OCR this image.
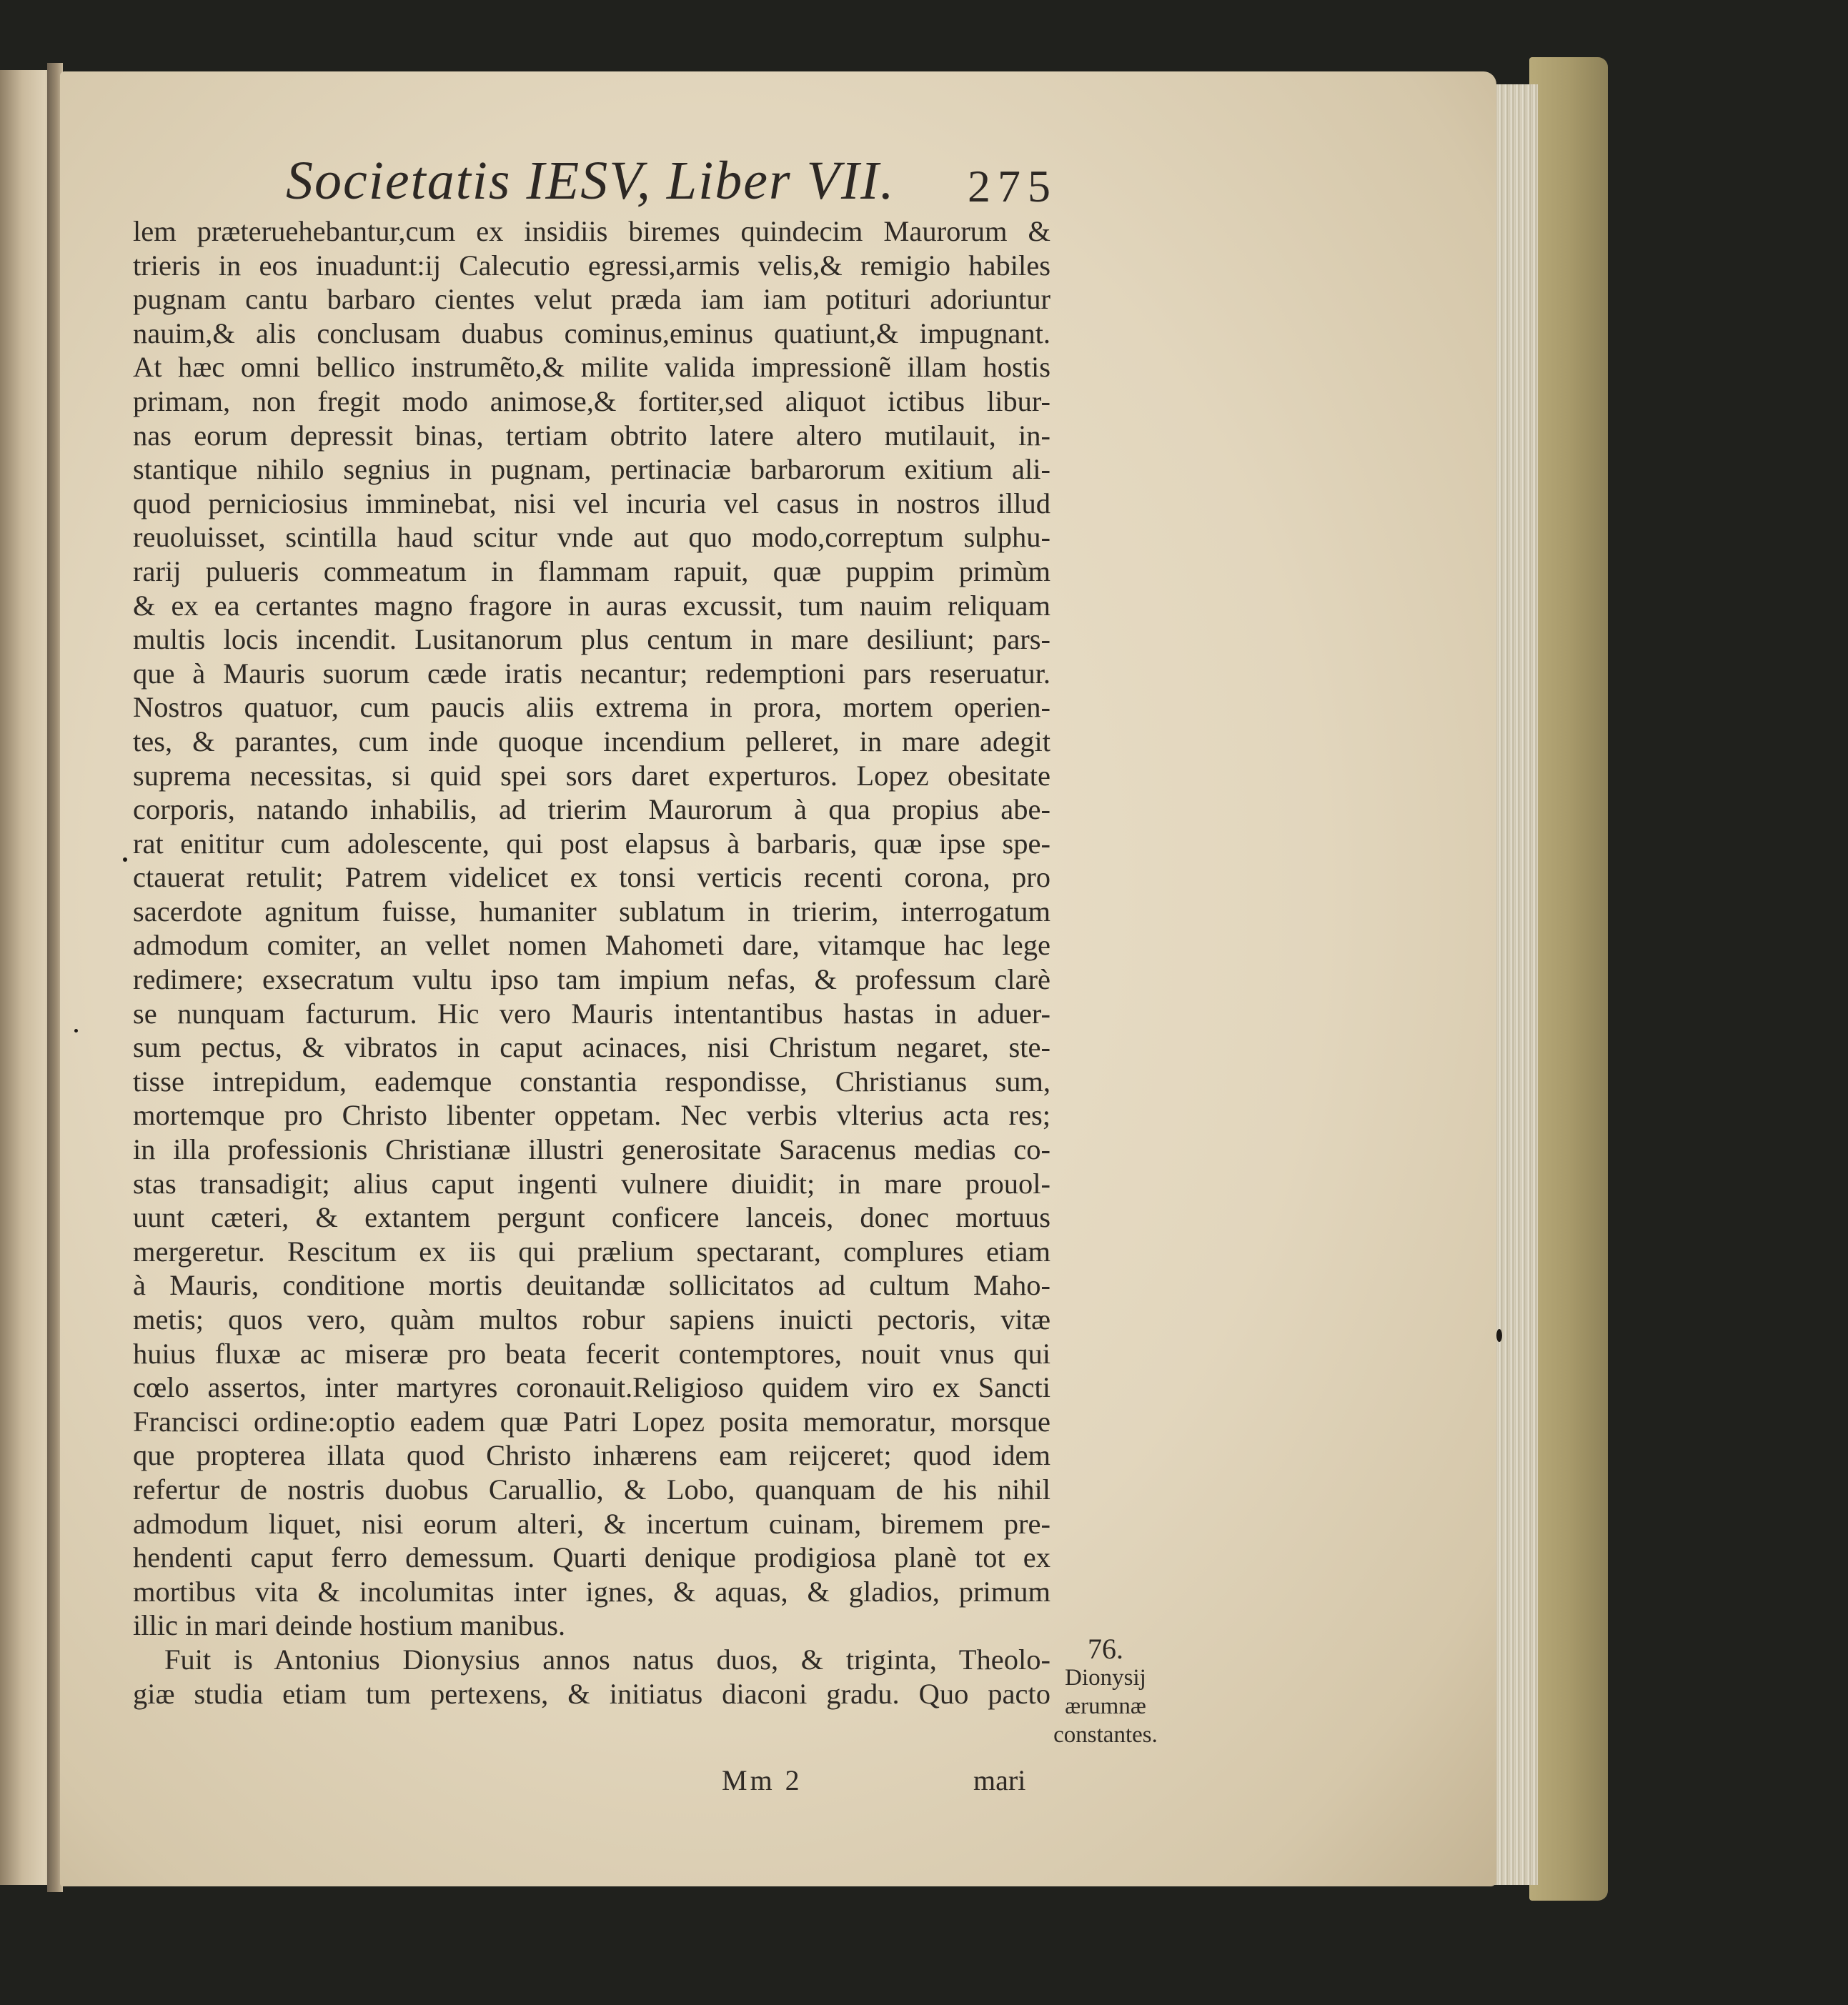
Societatis IESV, Liber VII. 275
lem præteruehebantur,cum ex insidiis biremes quindecim Maurorum &
trieris in eos inuadunt:ij Calecutio egressi,armis velis,& remigio habiles
pugnam cantu barbaro cientes velut præda iam iam potituri adoriuntur
nauim,& alis conclusam duabus cominus,eminus quatiunt,& impugnant.
At hæc omni bellico instrumẽto,& milite valida impressionẽ illam hostis
primam, non fregit modo animose,& fortiter,sed aliquot ictibus libur-
nas eorum depressit binas, tertiam obtrito latere altero mutilauit, in-
stantique nihilo segnius in pugnam, pertinaciæ barbarorum exitium ali-
quod perniciosius imminebat, nisi vel incuria vel casus in nostros illud
reuoluisset, scintilla haud scitur vnde aut quo modo,correptum sulphu-
rarij pulueris commeatum in flammam rapuit, quæ puppim primùm
& ex ea certantes magno fragore in auras excussit, tum nauim reliquam
multis locis incendit. Lusitanorum plus centum in mare desiliunt; pars-
que à Mauris suorum cæde iratis necantur; redemptioni pars reseruatur.
Nostros quatuor, cum paucis aliis extrema in prora, mortem operien-
tes, & parantes, cum inde quoque incendium pelleret, in mare adegit
suprema necessitas, si quid spei sors daret experturos. Lopez obesitate
corporis, natando inhabilis, ad trierim Maurorum à qua propius abe-
rat enititur cum adolescente, qui post elapsus à barbaris, quæ ipse spe-
ctauerat retulit; Patrem videlicet ex tonsi verticis recenti corona, pro
sacerdote agnitum fuisse, humaniter sublatum in trierim, interrogatum
admodum comiter, an vellet nomen Mahometi dare, vitamque hac lege
redimere; exsecratum vultu ipso tam impium nefas, & professum clarè
se nunquam facturum. Hic vero Mauris intentantibus hastas in aduer-
sum pectus, & vibratos in caput acinaces, nisi Christum negaret, ste-
tisse intrepidum, eademque constantia respondisse, Christianus sum,
mortemque pro Christo libenter oppetam. Nec verbis vlterius acta res;
in illa professionis Christianæ illustri generositate Saracenus medias co-
stas transadigit; alius caput ingenti vulnere diuidit; in mare prouol-
uunt cæteri, & extantem pergunt conficere lanceis, donec mortuus
mergeretur. Rescitum ex iis qui prælium spectarant, complures etiam
à Mauris, conditione mortis deuitandæ sollicitatos ad cultum Maho-
metis; quos vero, quàm multos robur sapiens inuicti pectoris, vitæ
huius fluxæ ac miseræ pro beata fecerit contemptores, nouit vnus qui
cœlo assertos, inter martyres coronauit.Religioso quidem viro ex Sancti
Francisci ordine:optio eadem quæ Patri Lopez posita memoratur, morsque
que propterea illata quod Christo inhærens eam reijceret; quod idem
refertur de nostris duobus Caruallio, & Lobo, quanquam de his nihil
admodum liquet, nisi eorum alteri, & incertum cuinam, biremem pre-
hendenti caput ferro demessum. Quarti denique prodigiosa planè tot ex
mortibus vita & incolumitas inter ignes, & aquas, & gladios, primum
illic in mari deinde hostium manibus.
Fuit is Antonius Dionysius annos natus duos, & triginta, Theolo-
giæ studia etiam tum pertexens, & initiatus diaconi gradu. Quo pacto
76.
Dionysij
ærumnæ
constantes.
Mm 2	mari
